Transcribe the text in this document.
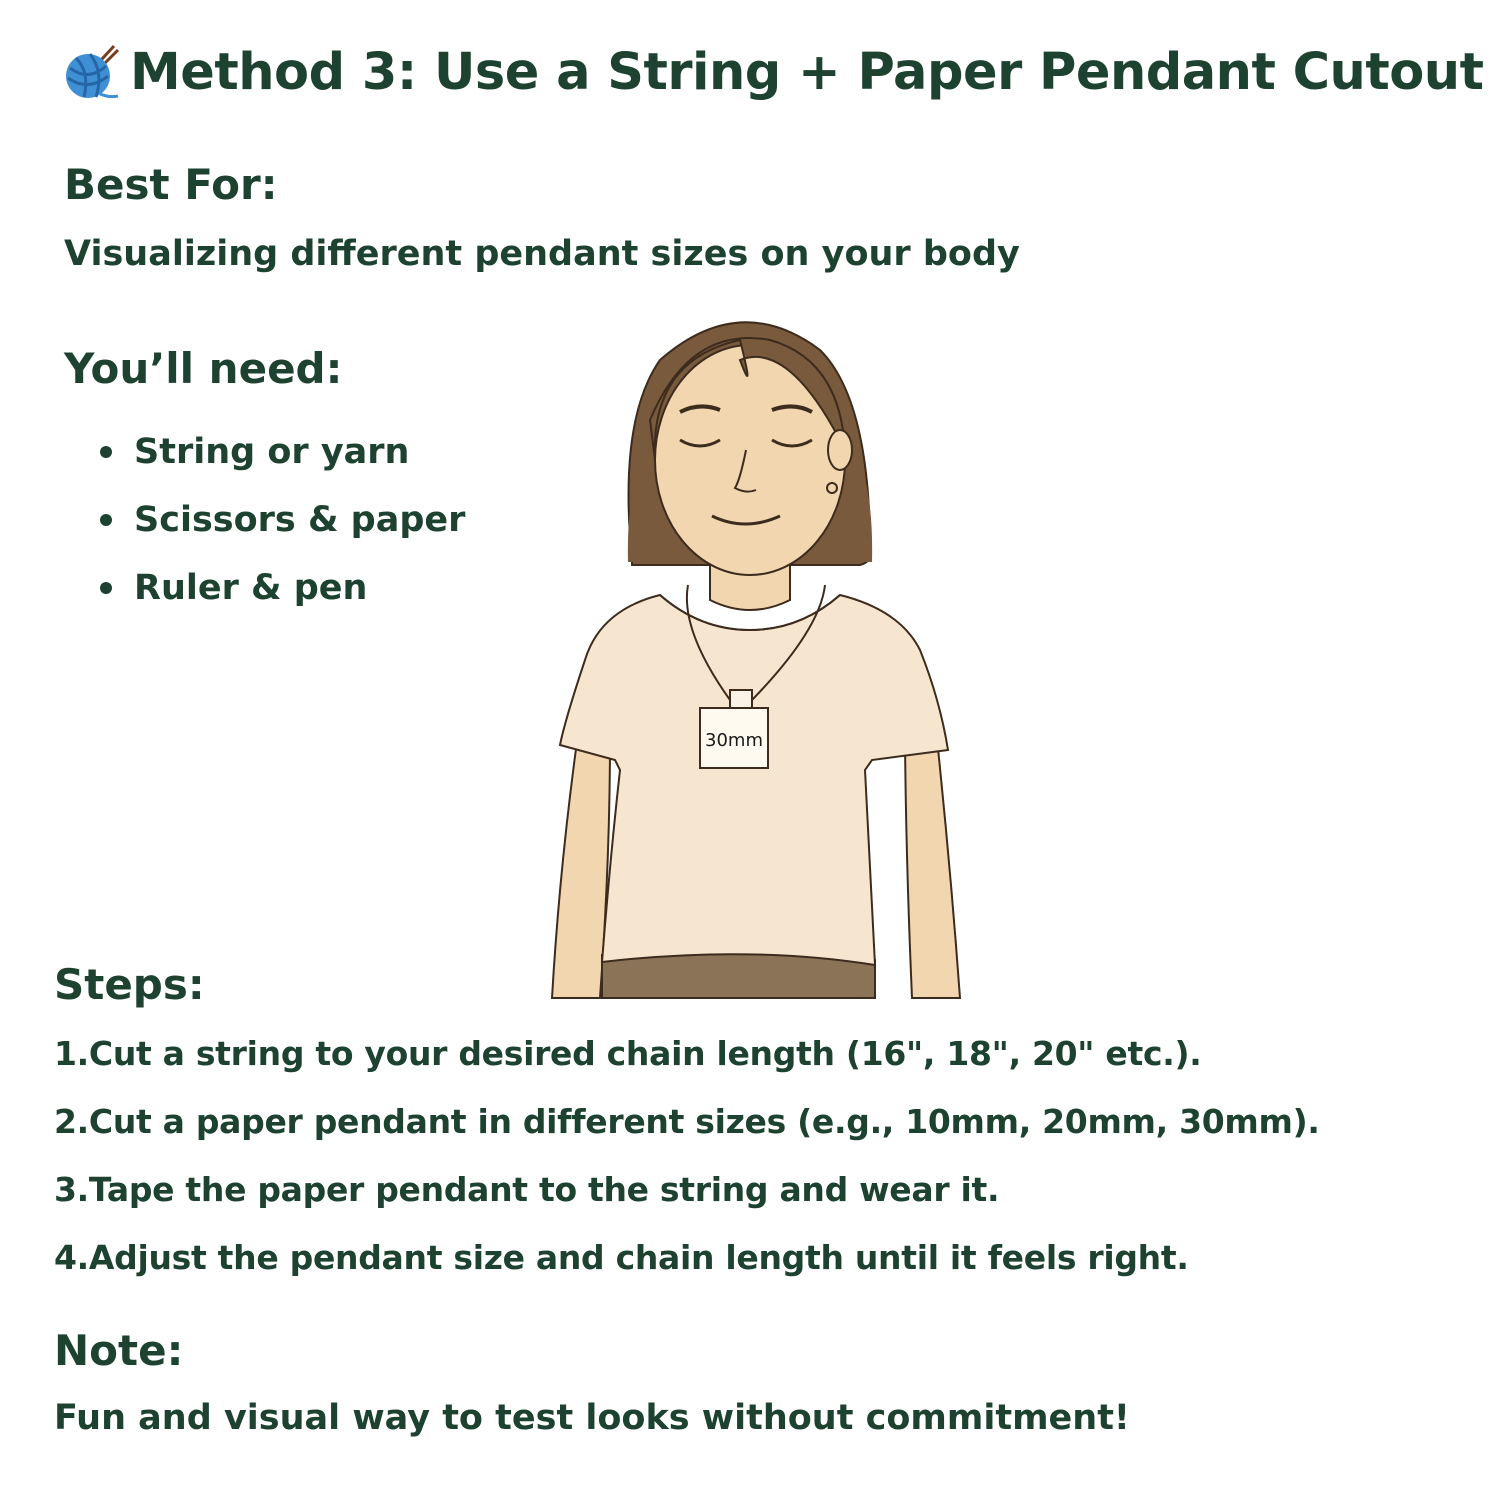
Method 3: Use a String + Paper Pendant Cutout
Best For:

Visualizing different pendant sizes on your body

You’ll need:
String or yarn
Scissors & paper
Ruler & pen
30mm
Steps:

1.Cut a string to your desired chain length (16", 18", 20" etc.).

2.Cut a paper pendant in different sizes (e.g., 10mm, 20mm, 30mm).

3.Tape the paper pendant to the string and wear it.

4.Adjust the pendant size and chain length until it feels right.

Note:

Fun and visual way to test looks without commitment!
